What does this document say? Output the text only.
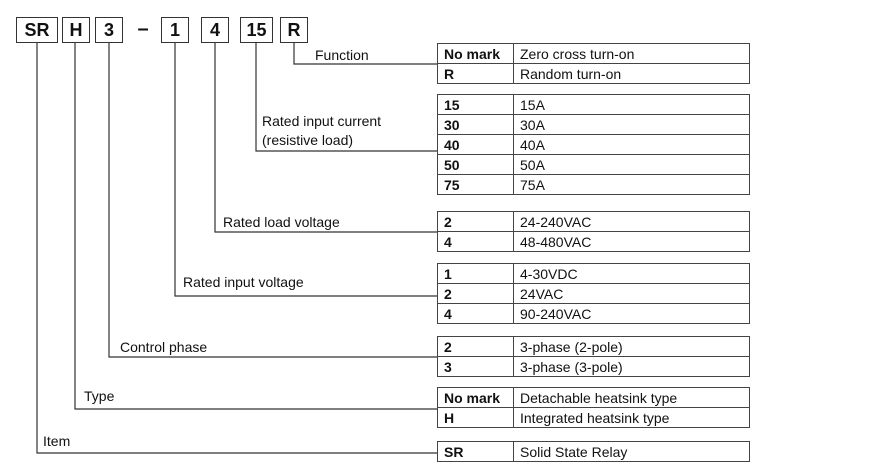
SR	H	3	–	1	4	15	R
Function
Rated input current
(resistive load)
Rated load voltage
Rated input voltage
Control phase
Type
Item
No mark	Zero cross turn-on
R	Random turn-on
15	15A
30	30A
40	40A
50	50A
75	75A
2	24-240VAC
4	48-480VAC
1	4-30VDC
2	24VAC
4	90-240VAC
2	3-phase (2-pole)
3	3-phase (3-pole)
No mark	Detachable heatsink type
H	Integrated heatsink type
SR	Solid State Relay
